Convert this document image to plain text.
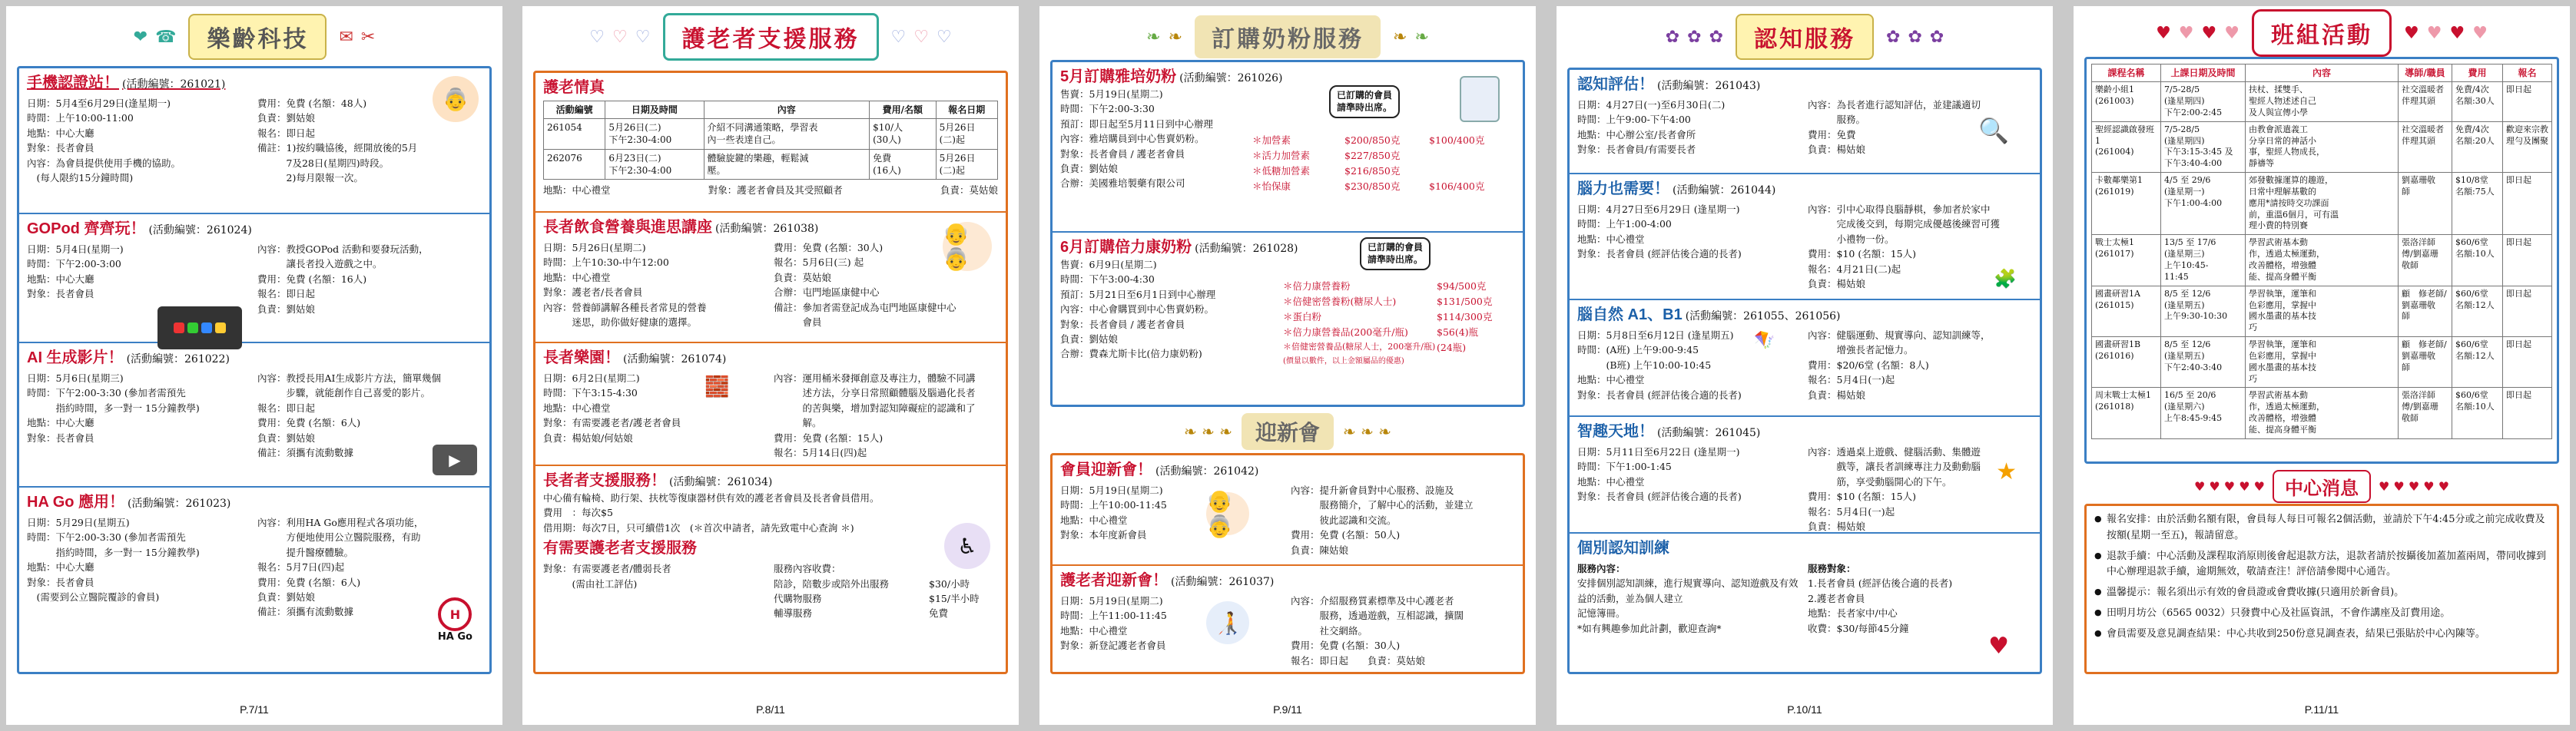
❤ ☎	樂齡科技	✉ ✂
手機認證站！ (活動編號：261021)

日期：5月4至6月29日(逢星期一)

時間：上午10:00-11:00

地點：中心大廳

對象：長者會員

內容：為會員提供使用手機的協助。

　(每人限約15分鐘時間)

費用：免費 (名額：48人)

負責：劉姑娘

報名：即日起

備註：1)按約職協後，經開放後的5月

　　　7及28日(星期四)時段。

　　　2)每月限報一次。

👵
GOPod 齊齊玩！ (活動編號：261024)

日期：5月4日(星期一)

時間：下午2:00-3:00

地點：中心大廳

對象：長者會員

內容：教授GOPod 活動和要發玩活動，

　　　讓長者投入遊戲之中。

費用：免費 (名額：16人)

報名：即日起

負責：劉姑娘

AI 生成影片！ (活動編號：261022)

日期：5月6日(星期三)

時間：下午2:00-3:30 (參加者需預先

　　　指約時間，多一對一 15分鐘教學)

地點：中心大廳

對象：長者會員

內容：教授長用AI生成影片方法，簡單幾個

　　　步驟，就能創作自己喜愛的影片。

報名：即日起

費用：免費 (名額：6人)

負責：劉姑娘

備註：須攜有流動數據	▶
HA Go 應用！ (活動編號：261023)

日期：5月29日(星期五)

時間：下午2:00-3:30 (參加者需預先

　　　指約時間，多一對一 15分鐘教學)

地點：中心大廳

對象：長者會員

　(需要到公立醫院覆診的會員)

內容：利用HA Go應用程式各項功能，

　　　方便地使用公立醫院服務，有助

　　　提升醫療體驗。

報名：5月7日(四)起

費用：免費 (名額：6人)

負責：劉姑娘

備註：須攜有流動數據	H
HA Go
P.7/11
♡ ♡ ♡	護老者支援服務	♡ ♡ ♡
護老情真
活動編號	日期及時間	內容	費用/名額	報名日期
261054	5月26日(二)
下午2:30-4:00	介紹不同溝通策略，學習表
內一些表達自己。	$10/人
(30人)	5月26日
(二)起
262076	6月23日(二)
下午2:30-4:00	體驗旋鍵的樂趣，輕鬆減
壓。	免費
(16人)	5月26日
(二)起
地點：中心禮堂	對象：護老者會員及其受照顧者	負責：莫姑娘
長者飲食營養與進思講座 (活動編號：261038)

日期：5月26日(星期二)

時間：上午10:30-中午12:00

地點：中心禮堂

對象：護老者/長者會員

內容：營養師講解各種長者常見的營養

　　　迷思，助你做好健康的選擇。

費用：免費 (名額：30人)

報名：5月6日(三) 起

負責：莫姑娘

合辦：屯門地區康健中心

備註：參加者需登記成為屯門地區康健中心

　　　會員

👴👵
長者樂園！ (活動編號：261074)

日期：6月2日(星期二)

時間：下午3:15-4:30

地點：中心禮堂

對象：有需要護老者/護老者會員

負責：楊姑娘/何姑娘

內容：運用桶米發揮創意及專注力，體驗不同講

　　　述方法，分享日常照顧體腦及腦過化長者

　　　的苦與樂，增加對認知障礙症的認識和了

　　　解。

費用：免費 (名額：15人)

報名：5月14日(四)起

🧱
長者者支援服務！ (活動編號：261034)

中心備有輪椅、助行架、扶枕等復康器材供有效的護老者會員及長者會員借用。

費用　：每次$5

借用期：每次7日，只可續借1次　(＊首次申請者，請先致電中心查詢 ＊)

有需要護老者支援服務

對象：有需要護老者/體弱長者

　　　(需由社工評估)

服務內容收費：

陪診，陪數步或陪外出服務	$30/小時

代購物服務	$15/半小時

輔導服務	免費

♿
P.8/11
❧ ❧	訂購奶粉服務	❧ ❧
5月訂購雅培奶粉 (活動編號：261026)

售賣：5月19日(星期二)

時間：下午2:00-3:30

預訂：即日起至5月11日到中心辦理

內容：雅培購員到中心售賣奶粉。

對象：長者會員 / 護老者會員

負責：劉姑娘

合辦：美國雅培製藥有限公司

＊加營素	$200/850克	$100/400克
＊活力加營素	$227/850克
＊低糖加營素	$216/850克
＊怡保康	$230/850克	$106/400克
已訂購的會員
請準時出席。
6月訂購倍力康奶粉 (活動編號：261028)

售賣：6月9日(星期二)

時間：下午3:00-4:30

預訂：5月21日至6月1日到中心辦理

內容：中心會購買到中心售賣奶粉。

對象：長者會員 / 護老者會員

負責：劉姑娘

合辦：費森尤斯卡比(倍力康奶粉)

＊倍力康營養粉	$94/500克
＊倍健密營養粉(糖尿人士)	$131/500克
＊蛋白粉	$114/300克
＊倍力康營養品(200毫升/瓶)	$56(4)瓶
＊倍健密營養品(糖尿人士，200毫升/瓶) (24瓶)
(價量以數件，以上金額屬品的優惠)
已訂購的會員
請準時出席。
❧ ❧ ❧	迎新會	❧ ❧ ❧
會員迎新會！ (活動編號：261042)

日期：5月19日(星期二)

時間：上午10:00-11:45

地點：中心禮堂

對象：本年度新會員

內容：提升新會員對中心服務、設施及

　　　服務簡介，了解中心的活動，並建立

　　　彼此認識和交流。

費用：免費 (名額：50人)

負責：陳姑娘

👴👵
護老者迎新會！ (活動編號：261037)

日期：5月19日(星期二)

時間：上午11:00-11:45

地點：中心禮堂

對象：新登記護老者會員

內容：介紹服務質素標準及中心護老者

　　　服務，透過遊戲，互相認識，擴闊

　　　社交網絡。

費用：免費 (名額：30人)

報名：即日起　　負責：莫姑娘

🧑‍🦯
P.9/11
✿ ✿ ✿	認知服務	✿ ✿ ✿
認知評估！ (活動編號：261043)

日期：4月27日(一)至6月30日(二)

時間：上午9:00-下午4:00

地點：中心辦公室/長者會所

對象：長者會員/有需要長者

內容：為長者進行認知評估，並建議適切

　　　服務。

費用：免費

負責：楊姑娘

🔍
腦力也需要！ (活動編號：261044)

日期：4月27日至6月29日 (逢星期一)

時間：上午1:00-4:00

地點：中心禮堂

對象：長者會員 (經評估後合適的長者)

內容：引中心取得良腦靜棋，參加者於家中

　　　完成後交到，每期完成優越後練習可獲

　　　小禮物一份。

費用：$10 (名額：15人)

報名：4月21日(二)起

負責：楊姑娘	🧩
腦自然 A1、B1 (活動編號：261055、261056)

日期：5月8日至6月12日 (逢星期五)

時間：(A班) 上午9:00-9:45

　　　(B班) 上午10:00-10:45

地點：中心禮堂

對象：長者會員 (經評估後合適的長者)

內容：健腦運動、規實導向、認知訓練等，

　　　增強長者記憶力。

費用：$20/6堂 (名額：8人)

報名：5月4日(一)起

負責：楊姑娘

🪁
智趣天地！ (活動編號：261045)

日期：5月11日至6月22日 (逢星期一)

時間：下午1:00-1:45

地點：中心禮堂

對象：長者會員 (經評估後合適的長者)

內容：透過桌上遊戲、健腦活動、集體遊

　　　戲等，讓長者訓練專注力及動動腦

　　　筋，享受動腦開心的下午。

費用：$10 (名額：15人)

報名：5月4日(一)起

負責：楊姑娘

★
個別認知訓練

服務內容：

安排個別認知訓練，進行規實導向、認知遊戲及有效益的活動，並為個人建立

記憶簿冊。

*如有興趣參加此計劃，歡迎查詢*

服務對象：

1.長者會員 (經評估後合適的長者)

2.護老者會員

地點：長者家中/中心

收費：$30/每節45分鐘

♥
P.10/11
♥ ♥ ♥ ♥	班組活動	♥ ♥ ♥ ♥
課程名稱	上課日期及時間	內容	導師/職員	費用	報名
樂齡小組1
(261003)	7/5-28/5
(逢星期四)
下午2:00-2:45	扶杖、揉雙手、
聖經人物述述自己
及人與宣傳小學	社交溫暖者
伴理其頭	免費/4次
名額:30人	即日起
聖經認識啟發班1
(261004)	7/5-28/5
(逢星期四)
下午3:15-3:45 及
下午3:40-4:00	由教會派遣義工
分享日常的神話小
事，聖經人物成長，
靜禱等	社交溫暖者
伴理其頭	免費/4次
名額:20人	歡迎來宗教
理勻及團聚
卡數鄰樂第1
(261019)	4/5 至 29/6
(逢星期一)
下午1:00-4:00	郊發數據運算的趣遊，
日常中理解基數的
應用*請按時交功課面
前，重溫6個月，可有溫
理小費的特別賽	劉嘉珊敬
師	$10/8堂
名額:75人	即日起
戰士太極1
(261017)	13/5 至 17/6
(逢星期三)
上午10:45-
11:45	學習武術基本動
作，透過太極運動，
改善體格，增強體
能、提高身體平衡	張洛洋師
傅/劉嘉珊
敬師	$60/6堂
名額:10人	即日起
國畫研習1A
(261015)	8/5 至 12/6
(逢星期五)
上午9:30-10:30	學習執筆，運筆和
色彩應用，掌握中
國水墨畫的基本技
巧	顧　修老師/
劉嘉珊敬
師	$60/6堂
名額:12人	即日起
國畫研習1B
(261016)	8/5 至 12/6
(逢星期五)
下午2:40-3:40	學習執筆，運筆和
色彩應用，掌握中
國水墨畫的基本技
巧	顧　修老師/
劉嘉珊敬
師	$60/6堂
名額:12人	即日起
周末戰士太極1
(261018)	16/5 至 20/6
(逢星期六)
上午8:45-9:45	學習武術基本動
作，透過太極運動，
改善體格，增強體
能、提高身體平衡	張洛洋師
傅/劉嘉珊
敬師	$60/6堂
名額:10人	即日起
♥ ♥ ♥ ♥ ♥	中心消息	♥ ♥ ♥ ♥ ♥
● 報名安排：由於活動名額有限，會員每人每日可報名2個活動，並請於下午4:45分或之前完成收費及按額(星期一至五)，報請留意。
● 退款手續：中心活動及課程取消原則後會起退款方法，退款者請於按攝後加蓋加蓋兩周，帶同收據到中心辦理退款手續，逾期無效，敬請查注！評倍請參閱中心通告。
● 溫馨提示：報名須出示有效的會員證或會費收據(只適用於新會員)。
● 田明月坊公（6565 0032）只發費中心及社區資訊，不會作講座及訂費用途。
● 會員需要及意見調查結果：中心共收到250份意見調查表，結果已張貼於中心內陳等。
P.11/11
